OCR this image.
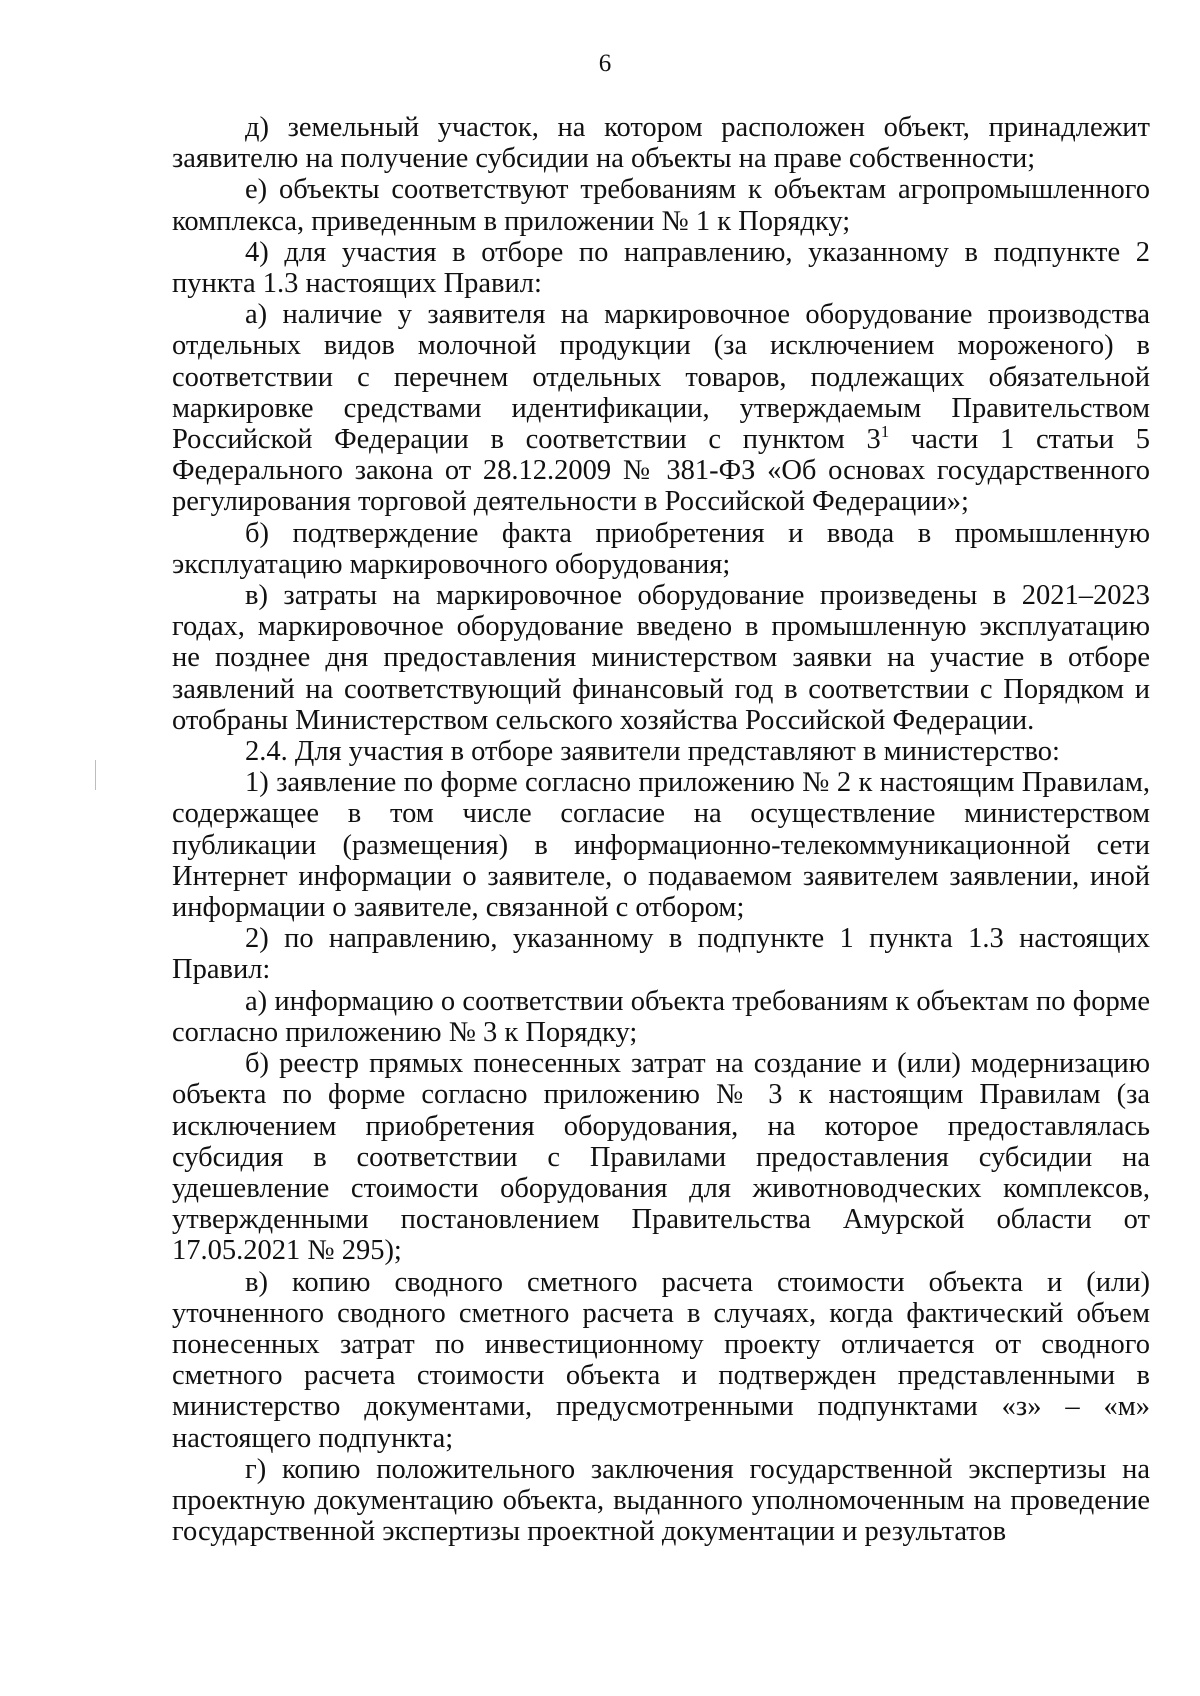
6

д) земельный участок, на котором расположен объект, принадлежит заявителю на получение субсидии на объекты на праве собственности;

е) объекты соответствуют требованиям к объектам агропромышленного комплекса, приведенным в приложении № 1 к Порядку;

4) для участия в отборе по направлению, указанному в подпункте 2 пункта 1.3 настоящих Правил:

а) наличие у заявителя на маркировочное оборудование производства отдельных видов молочной продукции (за исключением мороженого) в соответствии с перечнем отдельных товаров, подлежащих обязательной маркировке средствами идентификации, утверждаемым Правительством Российской Федерации в соответствии с пунктом $3^1$ части 1 статьи 5 Федерального закона от 28.12.2009 № 381-ФЗ «Об основах государственного регулирования торговой деятельности в Российской Федерации»;

б) подтверждение факта приобретения и ввода в промышленную эксплуатацию маркировочного оборудования;

в) затраты на маркировочное оборудование произведены в 2021–2023 годах, маркировочное оборудование введено в промышленную эксплуатацию не позднее дня предоставления министерством заявки на участие в отборе заявлений на соответствующий финансовый год в соответствии с Порядком и отобраны Министерством сельского хозяйства Российской Федерации.

2.4. Для участия в отборе заявители представляют в министерство:

1) заявление по форме согласно приложению № 2 к настоящим Правилам, содержащее в том числе согласие на осуществление министерством публикации (размещения) в информационно-телекоммуникационной сети Интернет информации о заявителе, о подаваемом заявителем заявлении, иной информации о заявителе, связанной с отбором;

2) по направлению, указанному в подпункте 1 пункта 1.3 настоящих Правил:

а) информацию о соответствии объекта требованиям к объектам по форме согласно приложению № 3 к Порядку;

б) реестр прямых понесенных затрат на создание и (или) модернизацию объекта по форме согласно приложению № 3 к настоящим Правилам (за исключением приобретения оборудования, на которое предоставлялась субсидия в соответствии с Правилами предоставления субсидии на удешевление стоимости оборудования для животноводческих комплексов, утвержденными постановлением Правительства Амурской области от 17.05.2021 № 295);

в) копию сводного сметного расчета стоимости объекта и (или) уточненного сводного сметного расчета в случаях, когда фактический объем понесенных затрат по инвестиционному проекту отличается от сводного сметного расчета стоимости объекта и подтвержден представленными в министерство документами, предусмотренными подпунктами «з» – «м» настоящего подпункта;

г) копию положительного заключения государственной экспертизы на проектную документацию объекта, выданного уполномоченным на проведение государственной экспертизы проектной документации и результатов
